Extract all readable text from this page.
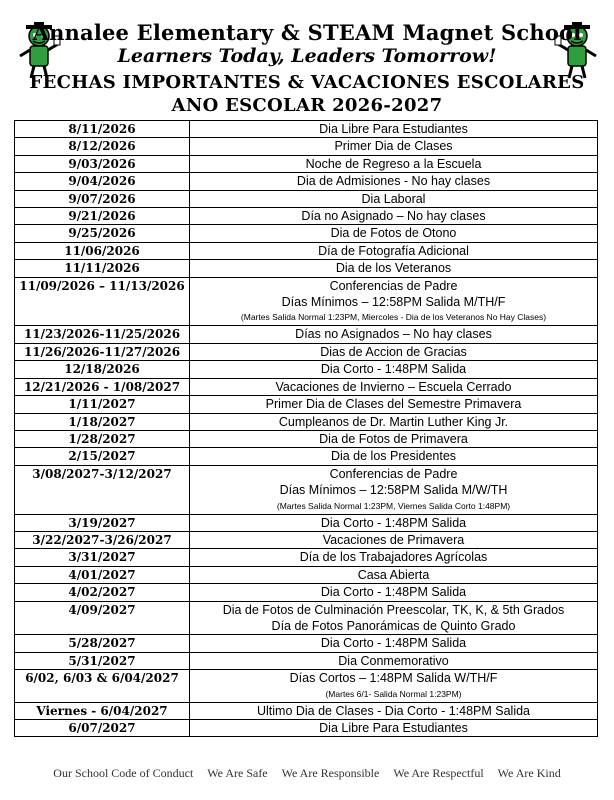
Annalee Elementary & STEAM Magnet School
Learners Today, Leaders Tomorrow!
FECHAS IMPORTANTES & VACACIONES ESCOLARES
ANO ESCOLAR 2026-2027
8/11/2026	Dia Libre Para Estudiantes

8/12/2026	Primer Dia de Clases

9/03/2026	Noche de Regreso a la Escuela

9/04/2026	Dia de Admisiones - No hay clases

9/07/2026	Dia Laboral

9/21/2026	Día no Asignado – No hay clases

9/25/2026	Dia de Fotos de Otono

11/06/2026	Día de Fotografía Adicional

11/11/2026	Dia de los Veteranos

11/09/2026 – 11/13/2026	Conferencias de Padre
Días Mínimos – 12:58PM Salida M/TH/F
(Martes Salida Normal 1:23PM, Miercoles - Dia de los Veteranos No Hay Clases)

11/23/2026-11/25/2026	Días no Asignados – No hay clases

11/26/2026-11/27/2026	Dias de Accion de Gracias

12/18/2026	Dia Corto - 1:48PM Salida

12/21/2026 - 1/08/2027	Vacaciones de Invierno – Escuela Cerrado

1/11/2027	Primer Dia de Clases del Semestre Primavera

1/18/2027	Cumpleanos de Dr. Martin Luther King Jr.

1/28/2027	Dia de Fotos de Primavera

2/15/2027	Dia de los Presidentes

3/08/2027-3/12/2027	Conferencias de Padre
Días Mínimos – 12:58PM Salida M/W/TH
(Martes Salida Normal 1:23PM, Viernes Salida Corto 1:48PM)

3/19/2027	Dia Corto - 1:48PM Salida

3/22/2027-3/26/2027	Vacaciones de Primavera

3/31/2027	Día de los Trabajadores Agrícolas

4/01/2027	Casa Abierta

4/02/2027	Dia Corto - 1:48PM Salida

4/09/2027	Dia de Fotos de Culminación Preescolar, TK, K, & 5th Grados
Día de Fotos Panorámicas de Quinto Grado

5/28/2027	Dia Corto - 1:48PM Salida

5/31/2027	Dia Conmemorativo

6/02, 6/03 & 6/04/2027	Días Cortos – 1:48PM Salida W/TH/F
(Martes 6/1- Salida Normal 1:23PM)

Viernes - 6/04/2027	Ultimo Dia de Clases - Dia Corto - 1:48PM Salida

6/07/2027	Dia Libre Para Estudiantes
Our School Code of Conduct We Are Safe We Are Responsible We Are Respectful We Are Kind
